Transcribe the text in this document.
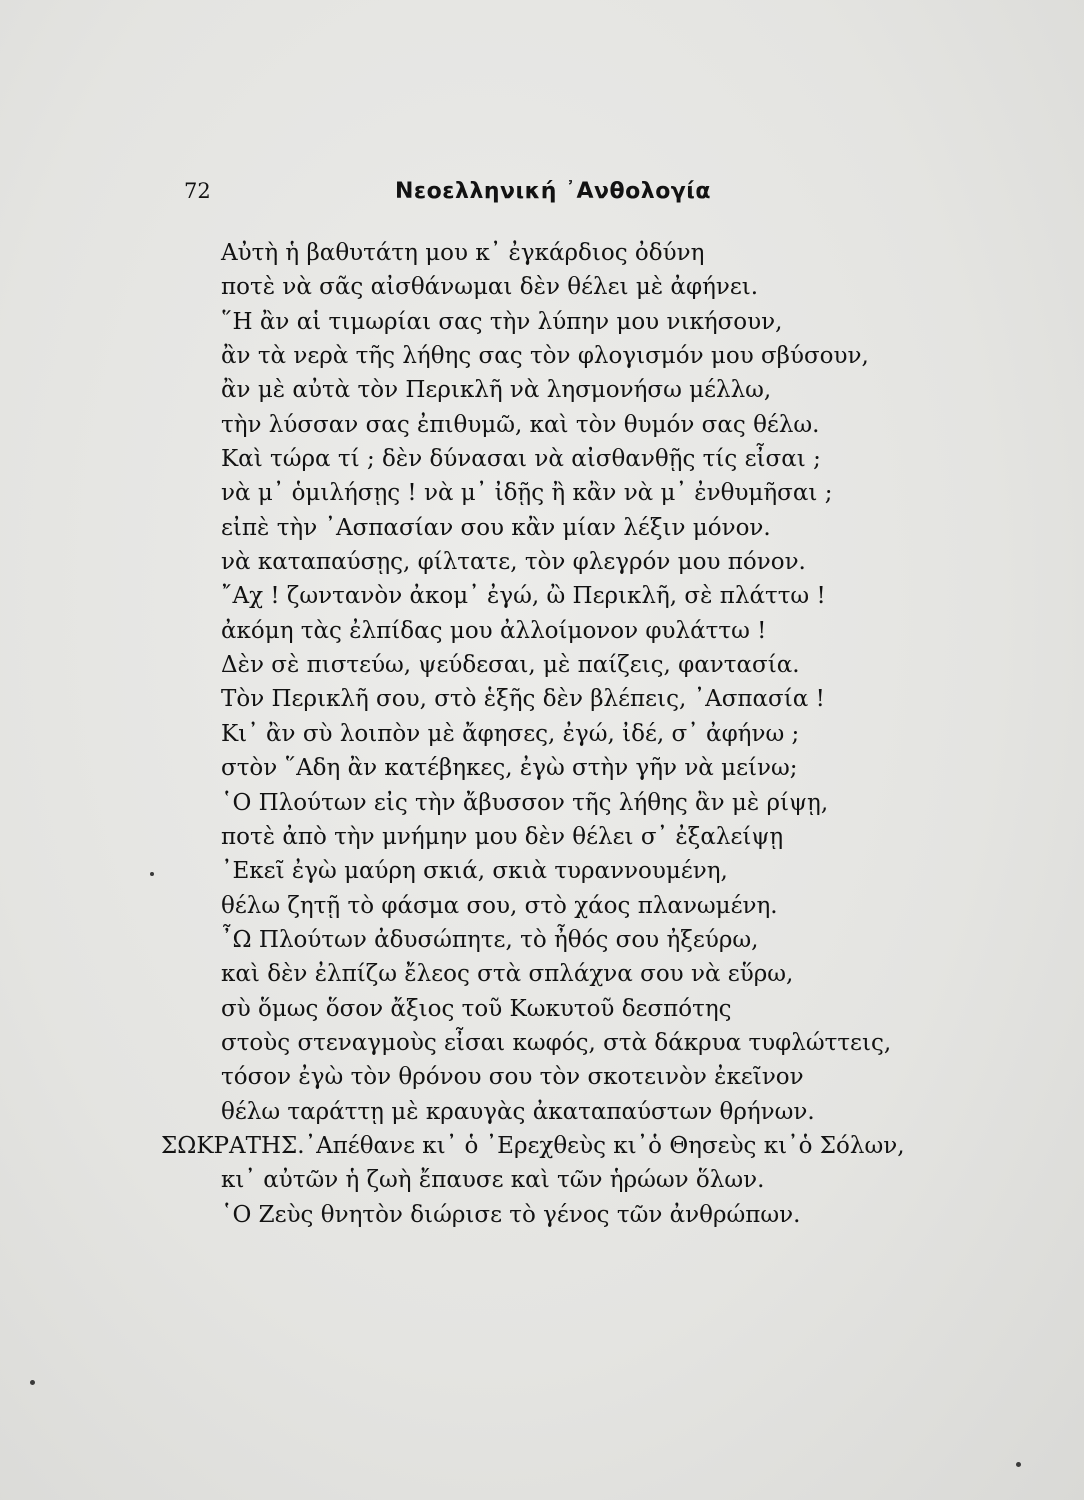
72	Νεοελληνική ᾿Ανθολογία
Αὐτὴ ἡ βαθυτάτη μου κ᾿ ἐγκάρδιος ὀδύνη
ποτὲ νὰ σᾶς αἰσθάνωμαι δὲν θέλει μὲ ἀφήνει.
῞Η ἂν αἱ τιμωρίαι σας τὴν λύπην μου νικήσουν,
ἂν τὰ νερὰ τῆς λήθης σας τὸν φλογισμόν μου σβύσουν,
ἂν μὲ αὐτὰ τὸν Περικλῆ νὰ λησμονήσω μέλλω,
τὴν λύσσαν σας ἐπιθυμῶ, καὶ τὸν θυμόν σας θέλω.
Καὶ τώρα τί ; δὲν δύνασαι νὰ αἰσθανθῇς τίς εἶσαι ;
νὰ μ᾿ ὁμιλήσῃς ! νὰ μ᾿ ἰδῇς ἢ κἂν νὰ μ᾿ ἐνθυμῆσαι ;
εἰπὲ τὴν ᾿Ασπασίαν σου κἂν μίαν λέξιν μόνον.
νὰ καταπαύσῃς, φίλτατε, τὸν φλεγρόν μου πόνον.
῎Αχ ! ζωντανὸν ἀκομ᾿ ἐγώ, ὢ Περικλῆ, σὲ πλάττω !
ἀκόμη τὰς ἐλπίδας μου ἀλλοίμονον φυλάττω !
Δὲν σὲ πιστεύω, ψεύδεσαι, μὲ παίζεις, φαντασία.
Τὸν Περικλῆ σου, στὸ ἑξῆς δὲν βλέπεις, ᾿Ασπασία !
Κι᾿ ἂν σὺ λοιπὸν μὲ ἄφησες, ἐγώ, ἰδέ, σ᾿ ἀφήνω ;
στὸν ῞Αδη ἂν κατέβηκες, ἐγὼ στὴν γῆν νὰ μείνω;
῾Ο Πλούτων εἰς τὴν ἄβυσσον τῆς λήθης ἂν μὲ ρίψῃ,
ποτὲ ἀπὸ τὴν μνήμην μου δὲν θέλει σ᾿ ἐξαλείψῃ
᾿Εκεῖ ἐγὼ μαύρη σκιά, σκιὰ τυραννουμένη,
θέλω ζητῇ τὸ φάσμα σου, στὸ χάος πλανωμένη.
῏Ω Πλούτων ἀδυσώπητε, τὸ ἦθός σου ἠξεύρω,
καὶ δὲν ἐλπίζω ἔλεος στὰ σπλάχνα σου νὰ εὕρω,
σὺ ὅμως ὅσον ἄξιος τοῦ Κωκυτοῦ δεσπότης
στοὺς στεναγμοὺς εἶσαι κωφός, στὰ δάκρυα τυφλώττεις,
τόσον ἐγὼ τὸν θρόνου σου τὸν σκοτεινὸν ἐκεῖνον
θέλω ταράττῃ μὲ κραυγὰς ἀκαταπαύστων θρήνων.
ΣΩΚΡΑΤΗΣ.᾿Απέθανε κι᾿ ὁ ᾿Ερεχθεὺς κι᾿ὁ Θησεὺς κι᾿ὁ Σόλων,
κι᾿ αὐτῶν ἡ ζωὴ ἔπαυσε καὶ τῶν ἡρώων ὅλων.
῾Ο Ζεὺς θνητὸν διώρισε τὸ γένος τῶν ἀνθρώπων.
